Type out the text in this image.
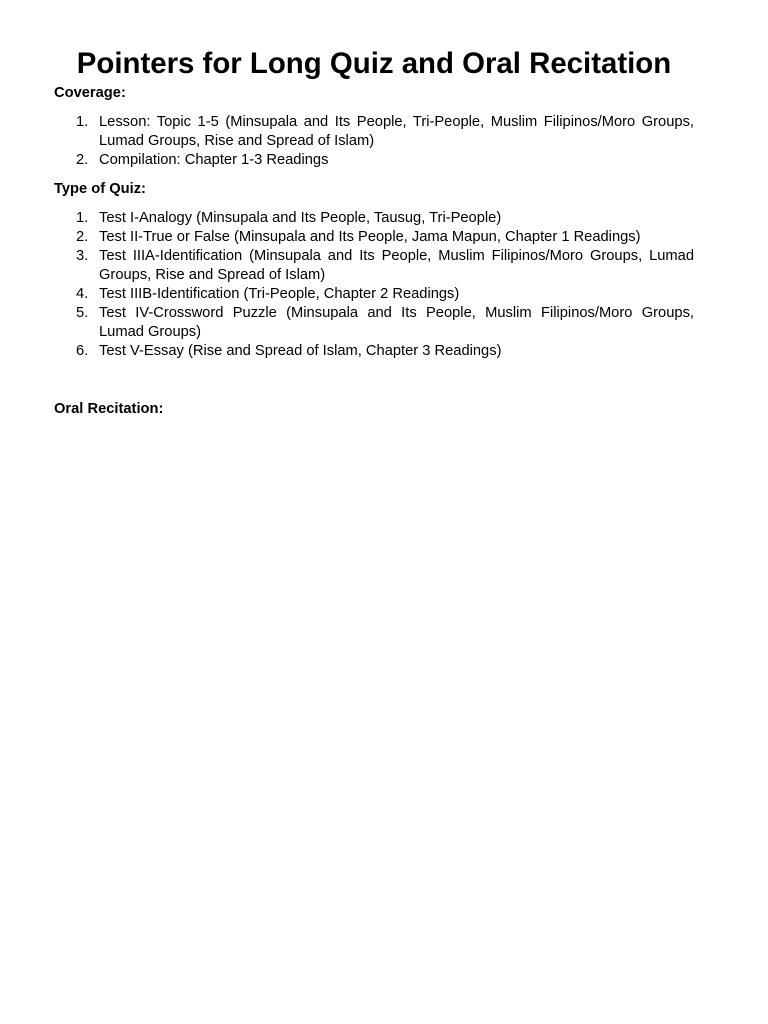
Pointers for Long Quiz and Oral Recitation
Coverage:
1. Lesson: Topic 1-5 (Minsupala and Its People, Tri-People, Muslim Filipinos/Moro Groups, Lumad Groups, Rise and Spread of Islam)
2. Compilation: Chapter 1-3 Readings
Type of Quiz:
1. Test I-Analogy (Minsupala and Its People, Tausug, Tri-People)
2. Test II-True or False (Minsupala and Its People, Jama Mapun, Chapter 1 Readings)
3. Test IIIA-Identification (Minsupala and Its People, Muslim Filipinos/Moro Groups, Lumad Groups, Rise and Spread of Islam)
4. Test IIIB-Identification (Tri-People, Chapter 2 Readings)
5. Test IV-Crossword Puzzle (Minsupala and Its People, Muslim Filipinos/Moro Groups, Lumad Groups)
6. Test V-Essay (Rise and Spread of Islam, Chapter 3 Readings)
Oral Recitation:
